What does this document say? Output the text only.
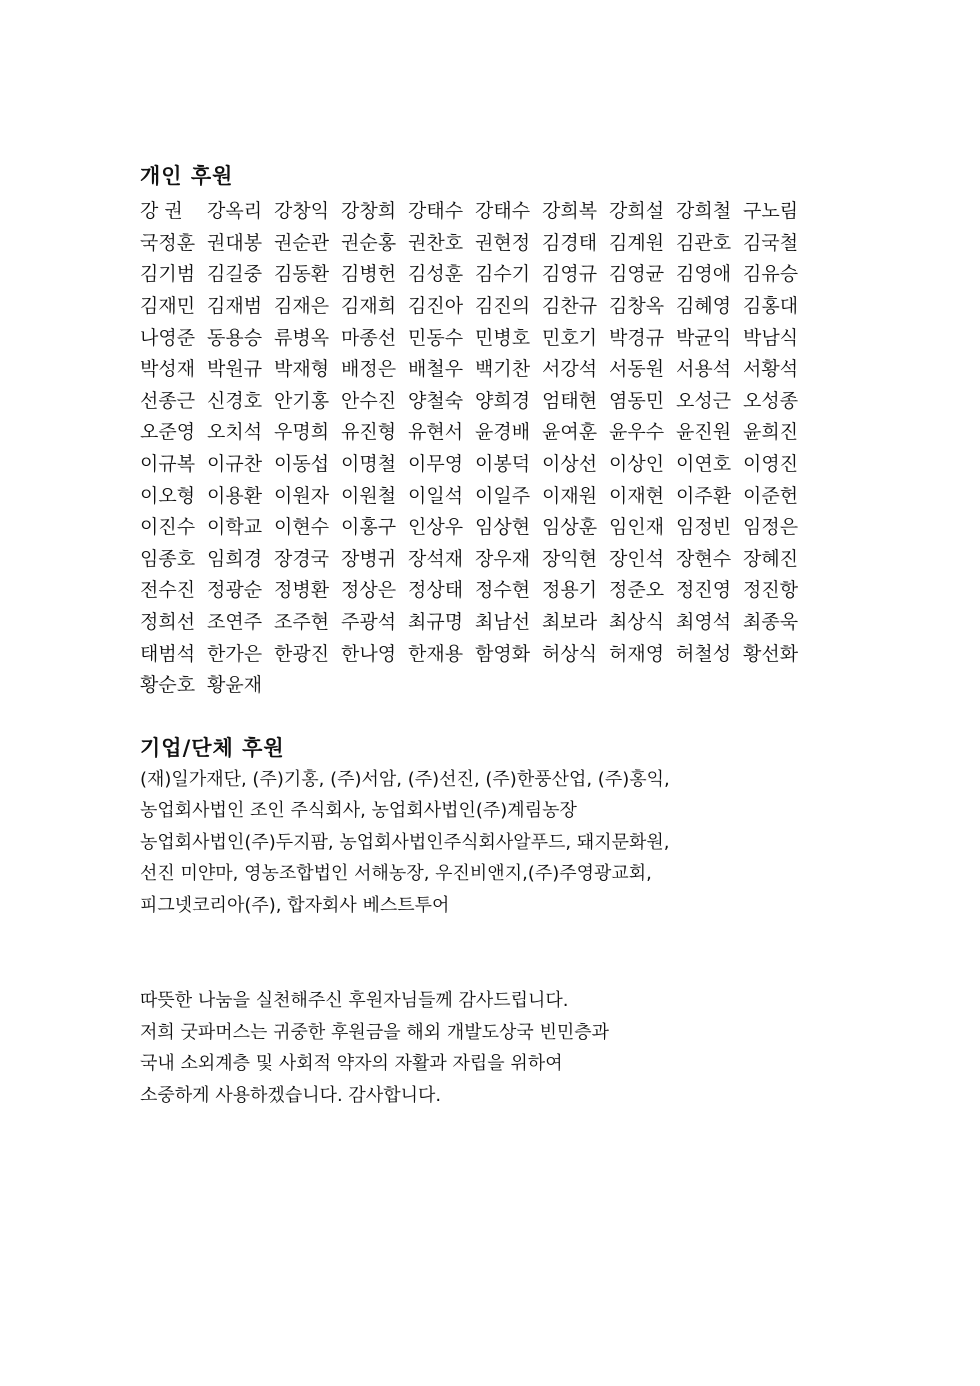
개인 후원
강 권	강옥리 강창익 강창희 강태수 강태수 강희복 강희설 강희철 구노림
국정훈 권대봉 권순관 권순홍 권찬호 권현정 김경태 김계원 김관호 김국철
김기범 김길중 김동환 김병헌 김성훈 김수기 김영규 김영균 김영애 김유승
김재민 김재범 김재은 김재희 김진아 김진의 김찬규 김창옥 김혜영 김홍대
나영준 동용승 류병옥 마종선 민동수 민병호 민호기 박경규 박균익 박남식
박성재 박원규 박재형 배정은 배철우 백기찬 서강석 서동원 서용석 서황석
선종근 신경호 안기홍 안수진 양철숙 양희경 엄태현 염동민 오성근 오성종
오준영 오치석 우명희 유진형 유현서 윤경배 윤여훈 윤우수 윤진원 윤희진
이규복 이규찬 이동섭 이명철 이무영 이봉덕 이상선 이상인 이연호 이영진
이오형 이용환 이원자 이원철 이일석 이일주 이재원 이재현 이주환 이준헌
이진수 이학교 이현수 이홍구 인상우 임상현 임상훈 임인재 임정빈 임정은
임종호 임희경 장경국 장병귀 장석재 장우재 장익현 장인석 장현수 장혜진
전수진 정광순 정병환 정상은 정상태 정수현 정용기 정준오 정진영 정진항
정희선 조연주 조주현 주광석 최규명 최남선 최보라 최상식 최영석 최종욱
태범석 한가은 한광진 한나영 한재용 함영화 허상식 허재영 허철성 황선화
황순호 황윤재
기업/단체 후원
(재)일가재단, (주)기홍, (주)서암, (주)선진, (주)한풍산업, (주)홍익,
농업회사법인 조인 주식회사, 농업회사법인(주)계림농장
농업회사법인(주)두지팜, 농업회사법인주식회사알푸드, 돼지문화원,
선진 미얀마, 영농조합법인 서해농장, 우진비앤지,(주)주영광교회,
피그넷코리아(주), 합자회사 베스트투어
따뜻한 나눔을 실천해주신 후원자님들께 감사드립니다.
저희 굿파머스는 귀중한 후원금을 해외 개발도상국 빈민층과
국내 소외계층 및 사회적 약자의 자활과 자립을 위하여
소중하게 사용하겠습니다. 감사합니다.
